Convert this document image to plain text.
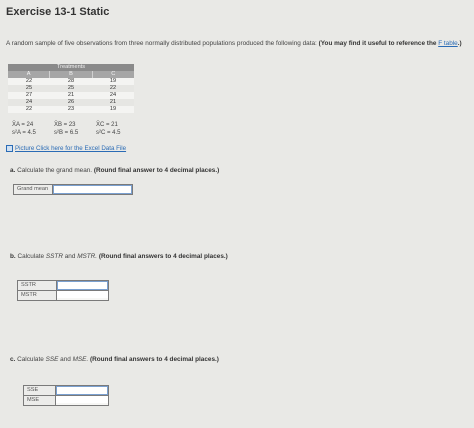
Exercise 13-1 Static
A random sample of five observations from three normally distributed populations produced the following data: (You may find it useful to reference the F table.)
Treatments
A	B	C
22	28	19
25	25	22
27	21	24
24	26	21
22	23	19
X̄A = 24	X̄B = 23	X̄C = 21
s²A = 4.5	s²B = 6.5	s²C = 4.5
Picture Click here for the Excel Data File
a. Calculate the grand mean. (Round final answer to 4 decimal places.)
Grand mean
b. Calculate SSTR and MSTR. (Round final answers to 4 decimal places.)
SSTR
MSTR
c. Calculate SSE and MSE. (Round final answers to 4 decimal places.)
SSE
MSE
